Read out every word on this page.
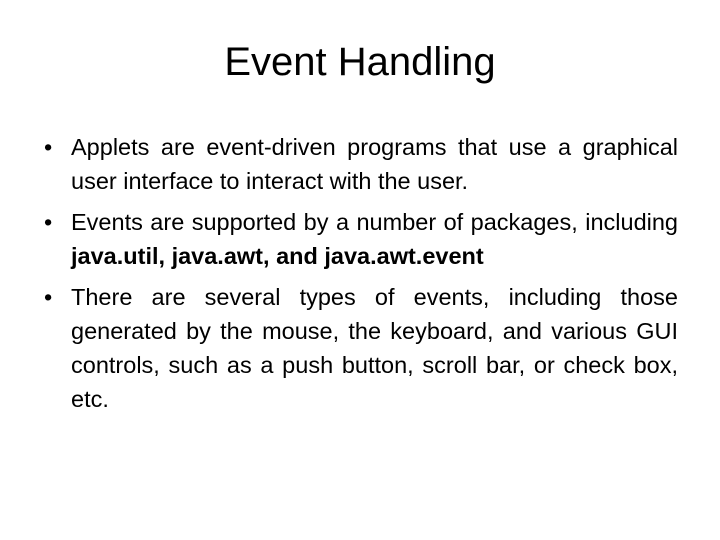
Event Handling
• Applets are event-driven programs that use a graphical user interface to interact with the user.
• Events are supported by a number of packages, including java.util, java.awt, and java.awt.event
• There are several types of events, including those generated by the mouse, the keyboard, and various GUI controls, such as a push button, scroll bar, or check box, etc.
